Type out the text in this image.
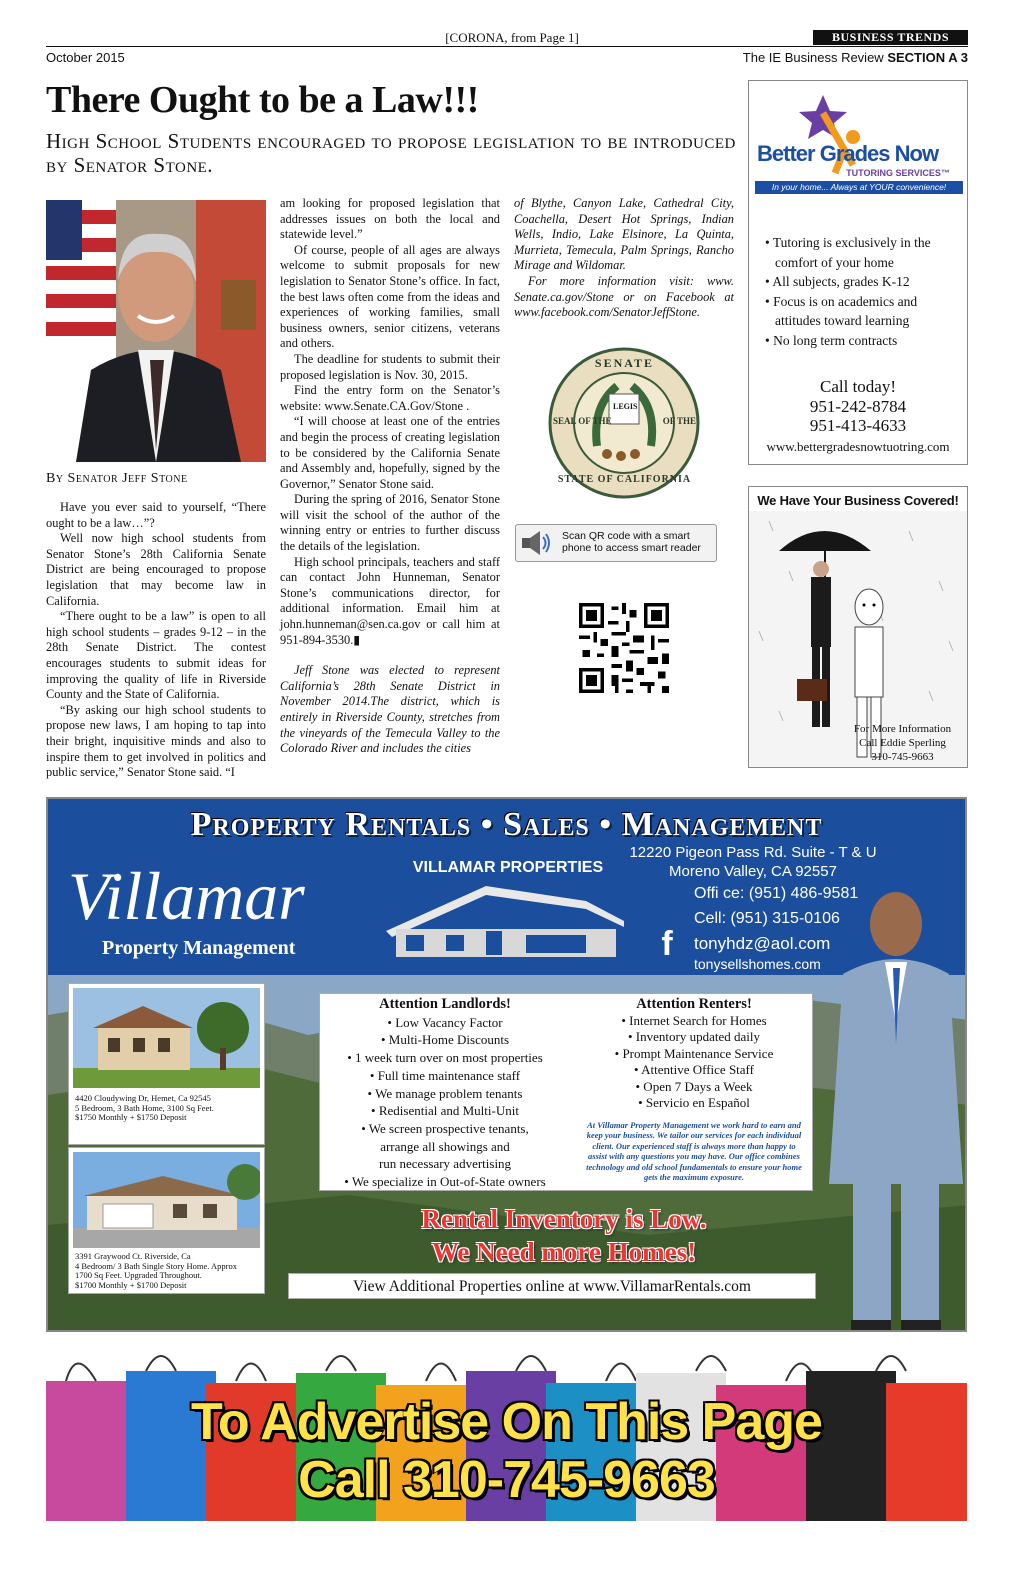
[CORONA, from Page 1]	BUSINESS TRENDS
October 2015	The IE Business Review SECTION A 3
There Ought to be a Law!!!
High School Students encouraged to propose legislation to be introduced by Senator Stone.
By Senator Jeff Stone

Have you ever said to yourself, “There ought to be a law…”?

Well now high school students from Senator Stone’s 28th California Senate District are being encouraged to propose legislation that may become law in California.

“There ought to be a law” is open to all high school students – grades 9-12 – in the 28th Senate District. The contest encourages students to submit ideas for improving the quality of life in Riverside County and the State of California.

“By asking our high school students to propose new laws, I am hoping to tap into their bright, inquisitive minds and also to inspire them to get involved in politics and public service,” Senator Stone said. “I

am looking for proposed legislation that addresses issues on both the local and statewide level.”

Of course, people of all ages are always welcome to submit proposals for new legislation to Senator Stone’s office. In fact, the best laws often come from the ideas and experiences of working families, small business owners, senior citizens, veterans and others.

The deadline for students to submit their proposed legislation is Nov. 30, 2015.

Find the entry form on the Senator’s website: www.Senate.CA.Gov/Stone .

“I will choose at least one of the entries and begin the process of creating legislation to be considered by the California Senate and Assembly and, hopefully, signed by the Governor,” Senator Stone said.

During the spring of 2016, Senator Stone will visit the school of the author of the winning entry or entries to further discuss the details of the legislation.

High school principals, teachers and staff can contact John Hunneman, Senator Stone’s communications director, for additional information. Email him at john.hunneman@sen.ca.gov or call him at 951-894-3530.▮

Jeff Stone was elected to represent California’s 28th Senate District in November 2014.The district, which is entirely in Riverside County, stretches from the vineyards of the Temecula Valley to the Colorado River and includes the cities

of Blythe, Canyon Lake, Cathedral City, Coachella, Desert Hot Springs, Indian Wells, Indio, Lake Elsinore, La Quinta, Murrieta, Temecula, Palm Springs, Rancho Mirage and Wildomar.

For more information visit: www. Senate.ca.gov/Stone or on Facebook at www.facebook.com/SenatorJeffStone.

SENATE
SEAL OF THE	OF THE
LEGIS
STATE OF CALIFORNIA
Scan QR code with a smart phone to access smart reader
Better Grades Now
TUTORING SERVICES™
In your home... Always at YOUR convenience!
• Tutoring is exclusively in the comfort of your home
• All subjects, grades K-12
• Focus is on academics and attitudes toward learning
• No long term contracts
Call today!
951-242-8784
951-413-4633
www.bettergradesnowtuotring.com
We Have Your Business Covered!
For More Information
Call Eddie Sperling
310-745-9663
Property Rentals • Sales • Management
Villamar
Property Management
VILLAMAR PROPERTIES
12220 Pigeon Pass Rd. Suite - T & U
Moreno Valley, CA 92557
Offi ce: (951) 486-9581
Cell: (951) 315-0106
tonyhdz@aol.com
tonysellshomes.com
f
4420 Cloudywing Dr, Hemet, Ca 92545
5 Bedroom, 3 Bath Home, 3100 Sq Feet.
$1750 Monthly + $1750 Deposit
3391 Graywood Ct. Riverside, Ca
4 Bedroom/ 3 Bath Single Story Home. Approx
1700 Sq Feet. Upgraded Throughout.
$1700 Monthly + $1700 Deposit
Attention Landlords!
• Low Vacancy Factor
• Multi-Home Discounts
• 1 week turn over on most properties
• Full time maintenance staff
• We manage problem tenants
• Redisential and Multi-Unit
• We screen prospective tenants,
arrange all showings and
run necessary advertising
• We specialize in Out-of-State owners
Attention Renters!
• Internet Search for Homes
• Inventory updated daily
• Prompt Maintenance Service
• Attentive Office Staff
• Open 7 Days a Week
• Servicio en Español
At Villamar Property Management we work hard to earn and keep your business. We tailor our services for each individual client. Our experienced staff is always more than happy to assist with any questions you may have. Our office combines technology and old school fundamentals to ensure your home gets the maximum exposure.
Rental Inventory is Low.
We Need more Homes!
View Additional Properties online at www.VillamarRentals.com
To Advertise On This Page
Call 310-745-9663
